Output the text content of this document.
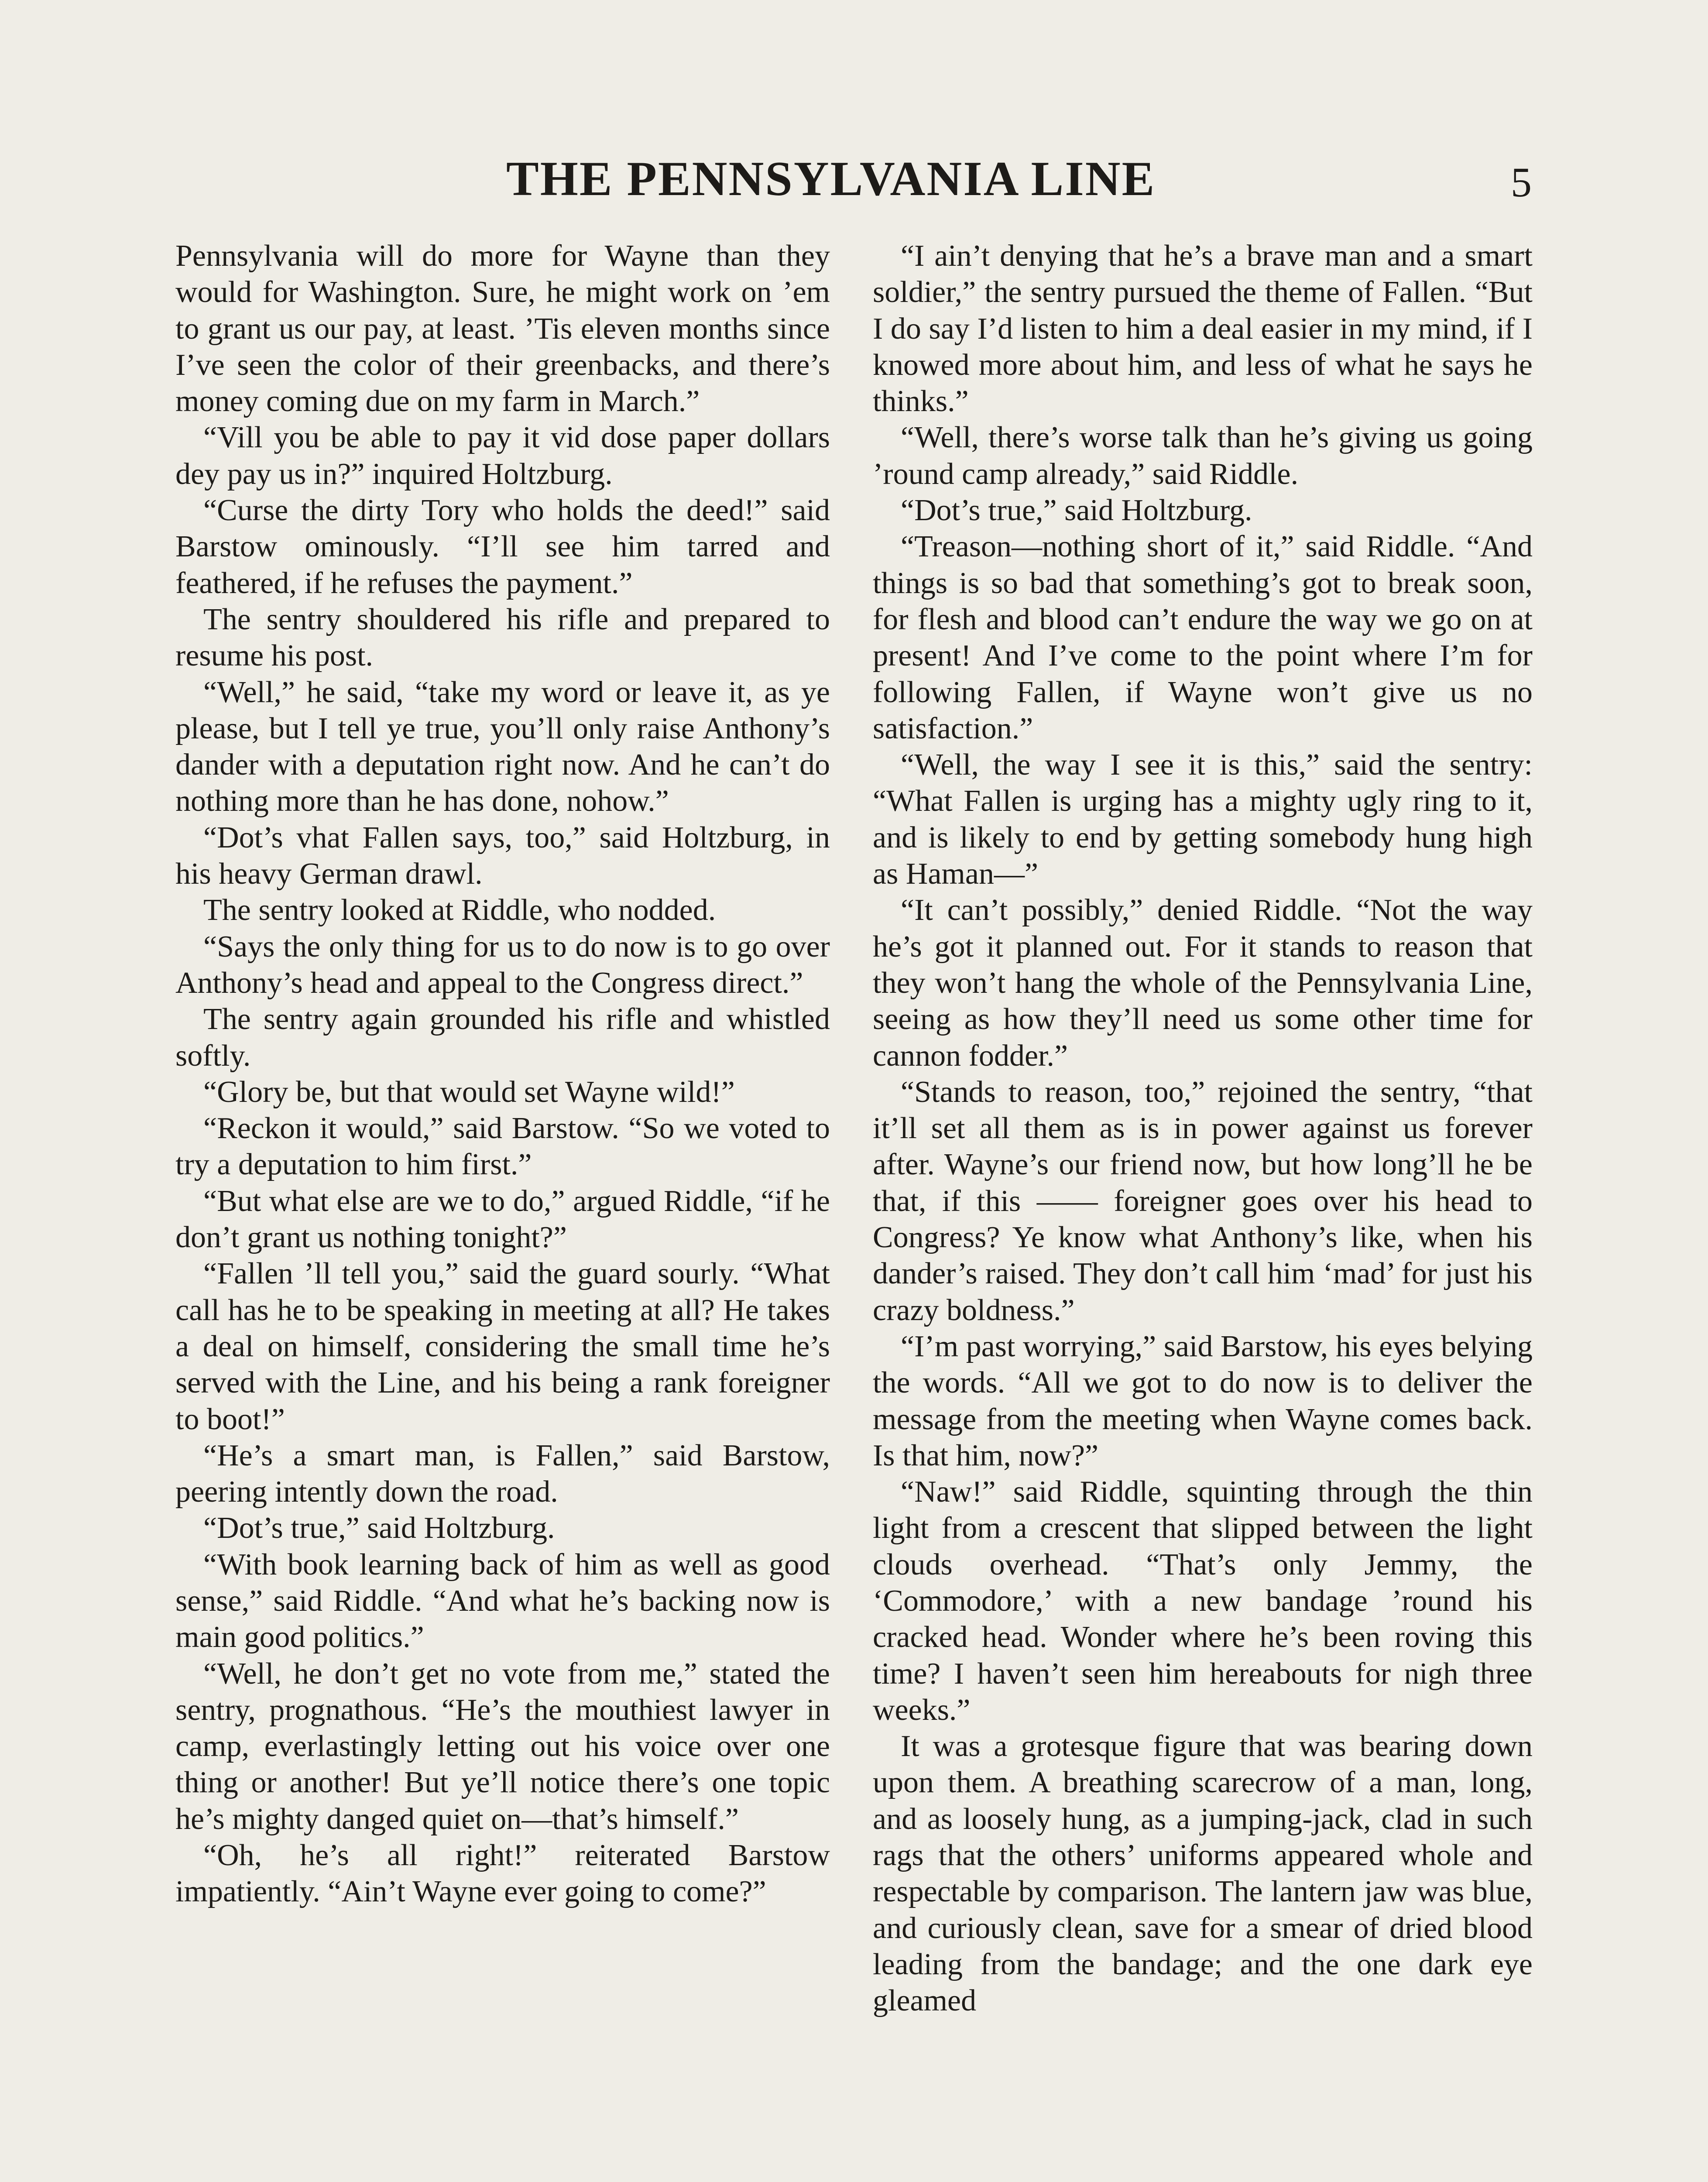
THE PENNSYLVANIA LINE	5

Pennsylvania will do more for Wayne than they would for Washington. Sure, he might work on ’em to grant us our pay, at least. ’Tis eleven months since I’ve seen the color of their greenbacks, and there’s money coming due on my farm in March.”

“Vill you be able to pay it vid dose paper dollars dey pay us in?” inquired Holtzburg.

“Curse the dirty Tory who holds the deed!” said Barstow ominously. “I’ll see him tarred and feathered, if he refuses the payment.”

The sentry shouldered his rifle and prepared to resume his post.

“Well,” he said, “take my word or leave it, as ye please, but I tell ye true, you’ll only raise Anthony’s dander with a deputation right now. And he can’t do nothing more than he has done, nohow.”

“Dot’s vhat Fallen says, too,” said Holtzburg, in his heavy German drawl.

The sentry looked at Riddle, who nodded.

“Says the only thing for us to do now is to go over Anthony’s head and appeal to the Congress direct.”

The sentry again grounded his rifle and whistled softly.

“Glory be, but that would set Wayne wild!”

“Reckon it would,” said Barstow. “So we voted to try a deputation to him first.”

“But what else are we to do,” argued Riddle, “if he don’t grant us nothing tonight?”

“Fallen ’ll tell you,” said the guard sourly. “What call has he to be speaking in meeting at all? He takes a deal on himself, considering the small time he’s served with the Line, and his being a rank foreigner to boot!”

“He’s a smart man, is Fallen,” said Barstow, peering intently down the road.

“Dot’s true,” said Holtzburg.

“With book learning back of him as well as good sense,” said Riddle. “And what he’s backing now is main good politics.”

“Well, he don’t get no vote from me,” stated the sentry, prognathous. “He’s the mouthiest lawyer in camp, everlastingly letting out his voice over one thing or another! But ye’ll notice there’s one topic he’s mighty danged quiet on—that’s himself.”

“Oh, he’s all right!” reiterated Barstow impatiently. “Ain’t Wayne ever going to come?”

“I ain’t denying that he’s a brave man and a smart soldier,” the sentry pursued the theme of Fallen. “But I do say I’d listen to him a deal easier in my mind, if I knowed more about him, and less of what he says he thinks.”

“Well, there’s worse talk than he’s giving us going ’round camp already,” said Riddle.

“Dot’s true,” said Holtzburg.

“Treason—nothing short of it,” said Riddle. “And things is so bad that something’s got to break soon, for flesh and blood can’t endure the way we go on at present! And I’ve come to the point where I’m for following Fallen, if Wayne won’t give us no satisfaction.”

“Well, the way I see it is this,” said the sentry: “What Fallen is urging has a mighty ugly ring to it, and is likely to end by getting somebody hung high as Haman—”

“It can’t possibly,” denied Riddle. “Not the way he’s got it planned out. For it stands to reason that they won’t hang the whole of the Pennsylvania Line, seeing as how they’ll need us some other time for cannon fodder.”

“Stands to reason, too,” rejoined the sentry, “that it’ll set all them as is in power against us forever after. Wayne’s our friend now, but how long’ll he be that, if this —— foreigner goes over his head to Congress? Ye know what Anthony’s like, when his dander’s raised. They don’t call him ‘mad’ for just his crazy boldness.”

“I’m past worrying,” said Barstow, his eyes belying the words. “All we got to do now is to deliver the message from the meeting when Wayne comes back. Is that him, now?”

“Naw!” said Riddle, squinting through the thin light from a crescent that slipped between the light clouds overhead. “That’s only Jemmy, the ‘Commodore,’ with a new bandage ’round his cracked head. Wonder where he’s been roving this time? I haven’t seen him hereabouts for nigh three weeks.”

It was a grotesque figure that was bearing down upon them. A breathing scarecrow of a man, long, and as loosely hung, as a jumping-jack, clad in such rags that the others’ uniforms appeared whole and respectable by comparison. The lantern jaw was blue, and curiously clean, save for a smear of dried blood leading from the bandage; and the one dark eye gleamed
